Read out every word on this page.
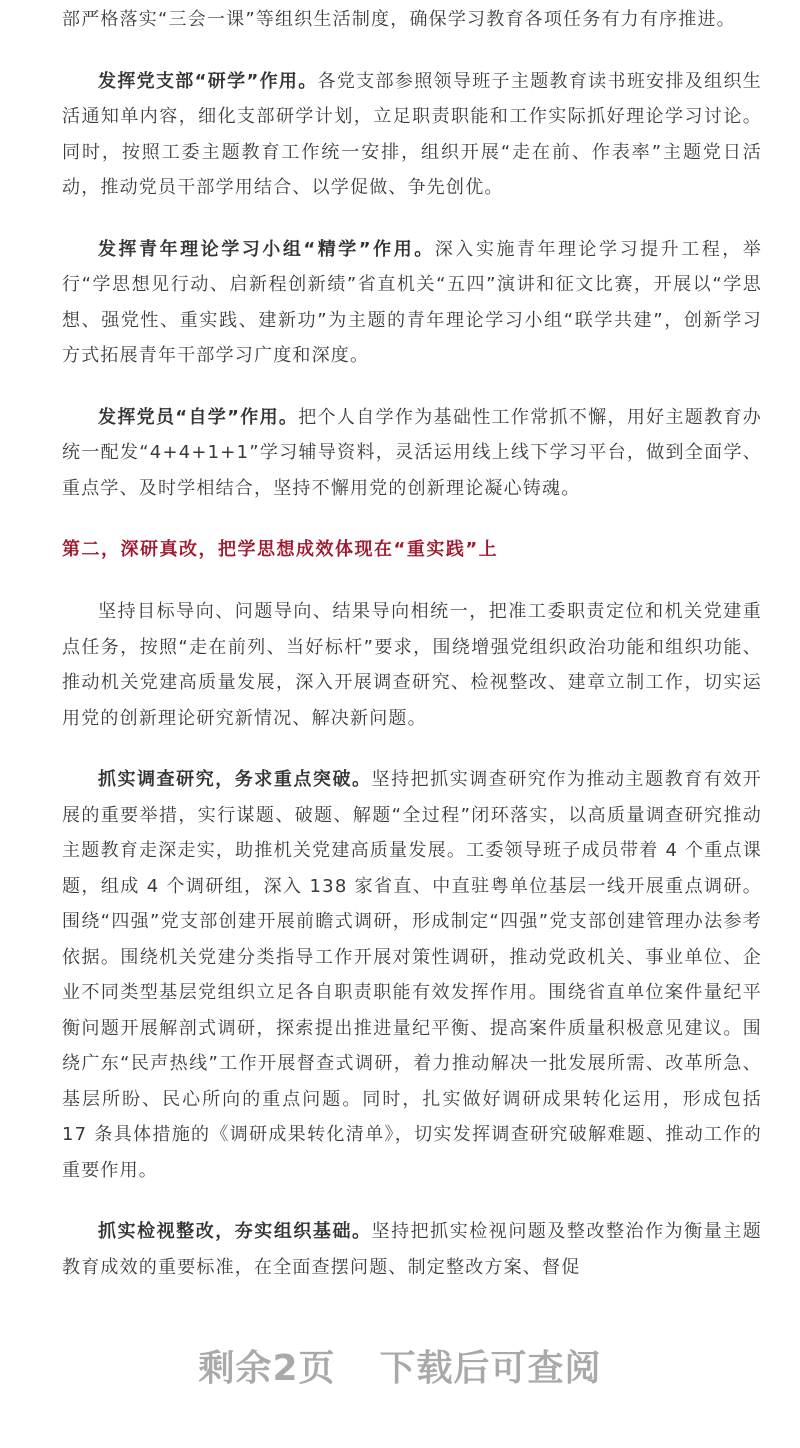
部严格落实“三会一课”等组织生活制度，确保学习教育各项任务有力有序推进。

发挥党支部“研学”作用。各党支部参照领导班子主题教育读书班安排及组织生活通知单内容，细化支部研学计划，立足职责职能和工作实际抓好理论学习讨论。同时，按照工委主题教育工作统一安排，组织开展“走在前、作表率”主题党日活动，推动党员干部学用结合、以学促做、争先创优。

发挥青年理论学习小组“精学”作用。深入实施青年理论学习提升工程，举行“学思想见行动、启新程创新绩”省直机关“五四”演讲和征文比赛，开展以“学思想、强党性、重实践、建新功”为主题的青年理论学习小组“联学共建”，创新学习方式拓展青年干部学习广度和深度。

发挥党员“自学”作用。把个人自学作为基础性工作常抓不懈，用好主题教育办统一配发“4+4+1+1”学习辅导资料，灵活运用线上线下学习平台，做到全面学、重点学、及时学相结合，坚持不懈用党的创新理论凝心铸魂。

第二，深研真改，把学思想成效体现在“重实践”上

坚持目标导向、问题导向、结果导向相统一，把准工委职责定位和机关党建重点任务，按照“走在前列、当好标杆”要求，围绕增强党组织政治功能和组织功能、推动机关党建高质量发展，深入开展调查研究、检视整改、建章立制工作，切实运用党的创新理论研究新情况、解决新问题。

抓实调查研究，务求重点突破。坚持把抓实调查研究作为推动主题教育有效开展的重要举措，实行谋题、破题、解题“全过程”闭环落实，以高质量调查研究推动主题教育走深走实，助推机关党建高质量发展。工委领导班子成员带着 4 个重点课题，组成 4 个调研组，深入 138 家省直、中直驻粤单位基层一线开展重点调研。围绕“四强”党支部创建开展前瞻式调研，形成制定“四强”党支部创建管理办法参考依据。围绕机关党建分类指导工作开展对策性调研，推动党政机关、事业单位、企业不同类型基层党组织立足各自职责职能有效发挥作用。围绕省直单位案件量纪平衡问题开展解剖式调研，探索提出推进量纪平衡、提高案件质量积极意见建议。围绕广东“民声热线”工作开展督查式调研，着力推动解决一批发展所需、改革所急、基层所盼、民心所向的重点问题。同时，扎实做好调研成果转化运用，形成包括 17 条具体措施的《调研成果转化清单》，切实发挥调查研究破解难题、推动工作的重要作用。

抓实检视整改，夯实组织基础。坚持把抓实检视问题及整改整治作为衡量主题教育成效的重要标准，在全面查摆问题、制定整改方案、督促

剩余2页 下载后可查阅
